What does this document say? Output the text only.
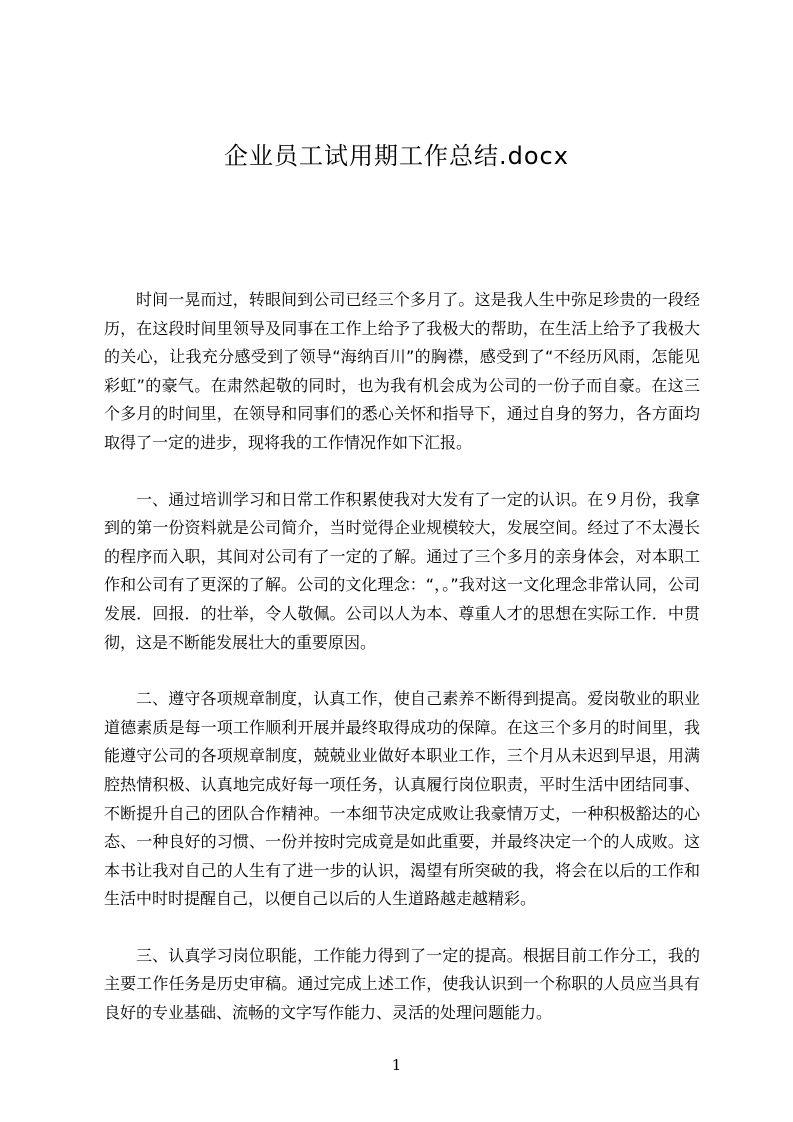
企业员工试用期工作总结.docx

时间一晃而过，转眼间到公司已经三个多月了。这是我人生中弥足珍贵的一段经历，在这段时间里领导及同事在工作上给予了我极大的帮助，在生活上给予了我极大的关心，让我充分感受到了领导“海纳百川”的胸襟，感受到了“不经历风雨，怎能见彩虹”的豪气。在肃然起敬的同时，也为我有机会成为公司的一份子而自豪。在这三个多月的时间里，在领导和同事们的悉心关怀和指导下，通过自身的努力，各方面均取得了一定的进步，现将我的工作情况作如下汇报。

一、通过培训学习和日常工作积累使我对大发有了一定的认识。在９月份，我拿到的第一份资料就是公司简介，当时觉得企业规模较大，发展空间。经过了不太漫长的程序而入职，其间对公司有了一定的了解。通过了三个多月的亲身体会，对本职工作和公司有了更深的了解。公司的文化理念：“，。”我对这一文化理念非常认同，公司发展．回报．的壮举，令人敬佩。公司以人为本、尊重人才的思想在实际工作．中贯彻，这是不断能发展壮大的重要原因。

二、遵守各项规章制度，认真工作，使自己素养不断得到提高。爱岗敬业的职业道德素质是每一项工作顺利开展并最终取得成功的保障。在这三个多月的时间里，我能遵守公司的各项规章制度，兢兢业业做好本职业工作，三个月从未迟到早退，用满腔热情积极、认真地完成好每一项任务，认真履行岗位职责，平时生活中团结同事、不断提升自己的团队合作精神。一本细节决定成败让我豪情万丈，一种积极豁达的心态、一种良好的习惯、一份并按时完成竟是如此重要，并最终决定一个的人成败。这本书让我对自己的人生有了进一步的认识，渴望有所突破的我，将会在以后的工作和生活中时时提醒自己，以便自己以后的人生道路越走越精彩。

三、认真学习岗位职能，工作能力得到了一定的提高。根据目前工作分工，我的主要工作任务是历史审稿。通过完成上述工作，使我认识到一个称职的人员应当具有良好的专业基础、流畅的文字写作能力、灵活的处理问题能力。

1
